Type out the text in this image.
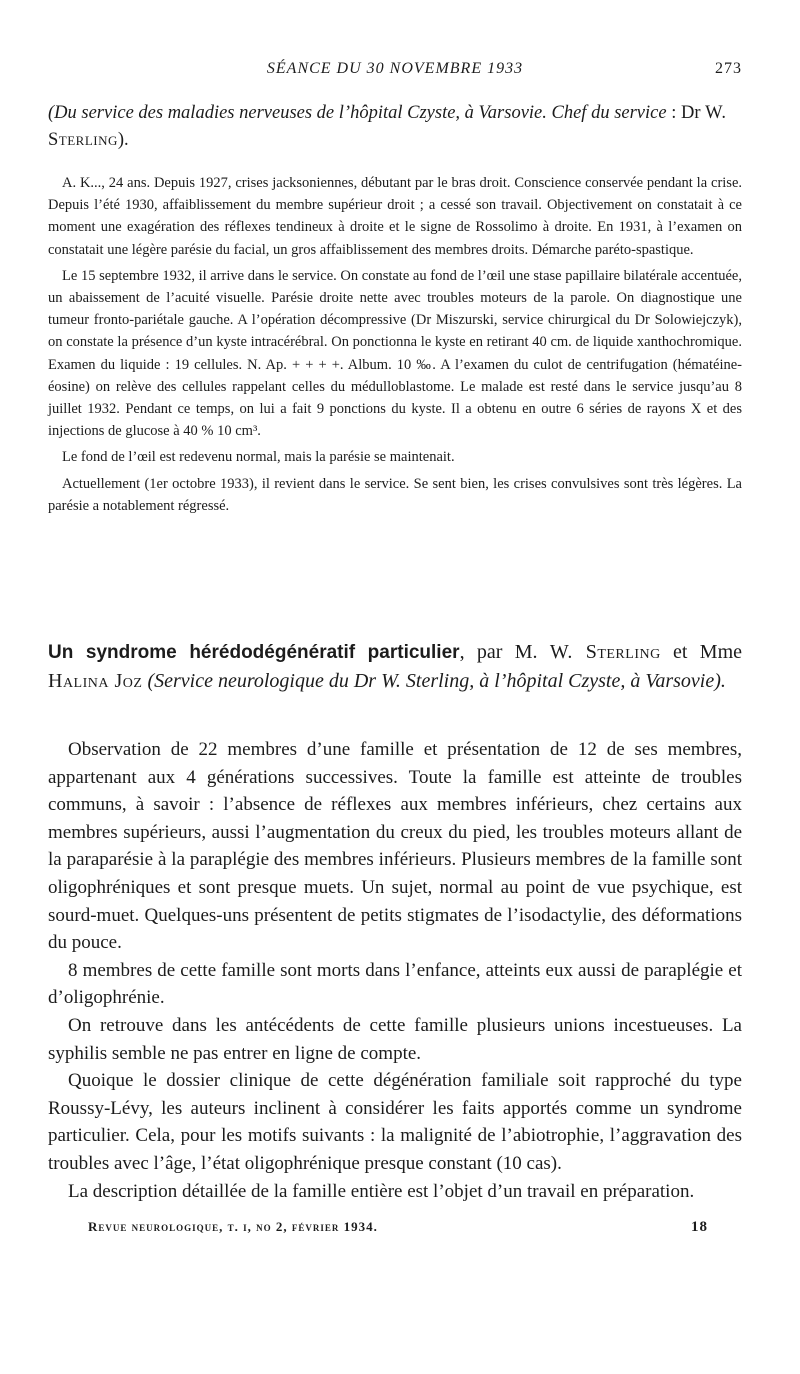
SÉANCE DU 30 NOVEMBRE 1933	273
(Du service des maladies nerveuses de l’hôpital Czyste, à Varsovie. Chef du service : Dr W. Sterling).

A. K..., 24 ans. Depuis 1927, crises jacksoniennes, débutant par le bras droit. Conscience conservée pendant la crise. Depuis l’été 1930, affaiblissement du membre supérieur droit ; a cessé son travail. Objectivement on constatait à ce moment une exagération des réflexes tendineux à droite et le signe de Rossolimo à droite. En 1931, à l’examen on constatait une légère parésie du facial, un gros affaiblissement des membres droits. Démarche paréto-spastique.

Le 15 septembre 1932, il arrive dans le service. On constate au fond de l’œil une stase papillaire bilatérale accentuée, un abaissement de l’acuité visuelle. Parésie droite nette avec troubles moteurs de la parole. On diagnostique une tumeur fronto-pariétale gauche. A l’opération décompressive (Dr Miszurski, service chirurgical du Dr Solowiejczyk), on constate la présence d’un kyste intracérébral. On ponctionna le kyste en retirant 40 cm. de liquide xanthochromique. Examen du liquide : 19 cellules. N. Ap. + + + +. Album. 10 ‰. A l’examen du culot de centrifugation (hématéine-éosine) on relève des cellules rappelant celles du médulloblastome. Le malade est resté dans le service jusqu’au 8 juillet 1932. Pendant ce temps, on lui a fait 9 ponctions du kyste. Il a obtenu en outre 6 séries de rayons X et des injections de glucose à 40 % 10 cm³.

Le fond de l’œil est redevenu normal, mais la parésie se maintenait.

Actuellement (1er octobre 1933), il revient dans le service. Se sent bien, les crises convulsives sont très légères. La parésie a notablement régressé.

Un syndrome hérédodégénératif particulier, par M. W. Sterling et Mme Halina Joz (Service neurologique du Dr W. Sterling, à l’hôpital Czyste, à Varsovie).

Observation de 22 membres d’une famille et présentation de 12 de ses membres, appartenant aux 4 générations successives. Toute la famille est atteinte de troubles communs, à savoir : l’absence de réflexes aux membres inférieurs, chez certains aux membres supérieurs, aussi l’augmentation du creux du pied, les troubles moteurs allant de la paraparésie à la paraplégie des membres inférieurs. Plusieurs membres de la famille sont oligophréniques et sont presque muets. Un sujet, normal au point de vue psychique, est sourd-muet. Quelques-uns présentent de petits stigmates de l’isodactylie, des déformations du pouce.

8 membres de cette famille sont morts dans l’enfance, atteints eux aussi de paraplégie et d’oligophrénie.

On retrouve dans les antécédents de cette famille plusieurs unions incestueuses. La syphilis semble ne pas entrer en ligne de compte.

Quoique le dossier clinique de cette dégénération familiale soit rapproché du type Roussy-Lévy, les auteurs inclinent à considérer les faits apportés comme un syndrome particulier. Cela, pour les motifs suivants : la malignité de l’abiotrophie, l’aggravation des troubles avec l’âge, l’état oligophrénique presque constant (10 cas).

La description détaillée de la famille entière est l’objet d’un travail en préparation.

Revue neurologique, t. i, no 2, février 1934.	18
